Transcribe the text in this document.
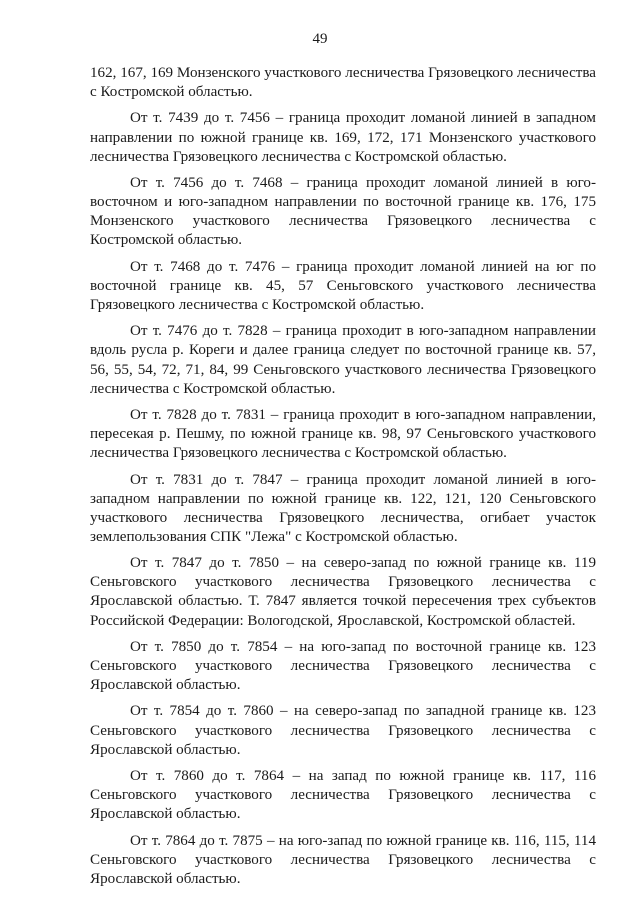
49

162, 167, 169 Монзенского участкового лесничества Грязовецкого лесничества с Костромской областью.

От т. 7439 до т. 7456 – граница проходит ломаной линией в западном направлении по южной границе кв. 169, 172, 171 Монзенского участкового лесничества Грязовецкого лесничества с Костромской областью.

От т. 7456 до т. 7468 – граница проходит ломаной линией в юго-восточном и юго-западном направлении по восточной границе кв. 176, 175 Монзенского участкового лесничества Грязовецкого лесничества с Костромской областью.

От т. 7468 до т. 7476 – граница проходит ломаной линией на юг по восточной границе кв. 45, 57 Сеньговского участкового лесничества Грязовецкого лесничества с Костромской областью.

От т. 7476 до т. 7828 – граница проходит в юго-западном направлении вдоль русла р. Кореги и далее граница следует по восточной границе кв. 57, 56, 55, 54, 72, 71, 84, 99 Сеньговского участкового лесничества Грязовецкого лесничества с Костромской областью.

От т. 7828 до т. 7831 – граница проходит в юго-западном направлении, пересекая р. Пешму, по южной границе кв. 98, 97 Сеньговского участкового лесничества Грязовецкого лесничества с Костромской областью.

От т. 7831 до т. 7847 – граница проходит ломаной линией в юго-западном направлении по южной границе кв. 122, 121, 120 Сеньговского участкового лесничества Грязовецкого лесничества, огибает участок землепользования СПК "Лежа" с Костромской областью.

От т. 7847 до т. 7850 – на северо-запад по южной границе кв. 119 Сеньговского участкового лесничества Грязовецкого лесничества с Ярославской областью. Т. 7847 является точкой пересечения трех субъектов Российской Федерации: Вологодской, Ярославской, Костромской областей.

От т. 7850 до т. 7854 – на юго-запад по восточной границе кв. 123 Сеньговского участкового лесничества Грязовецкого лесничества с Ярославской областью.

От т. 7854 до т. 7860 – на северо-запад по западной границе кв. 123 Сеньговского участкового лесничества Грязовецкого лесничества с Ярославской областью.

От т. 7860 до т. 7864 – на запад по южной границе кв. 117, 116 Сеньговского участкового лесничества Грязовецкого лесничества с Ярославской областью.

От т. 7864 до т. 7875 – на юго-запад по южной границе кв. 116, 115, 114 Сеньговского участкового лесничества Грязовецкого лесничества с Ярославской областью.
